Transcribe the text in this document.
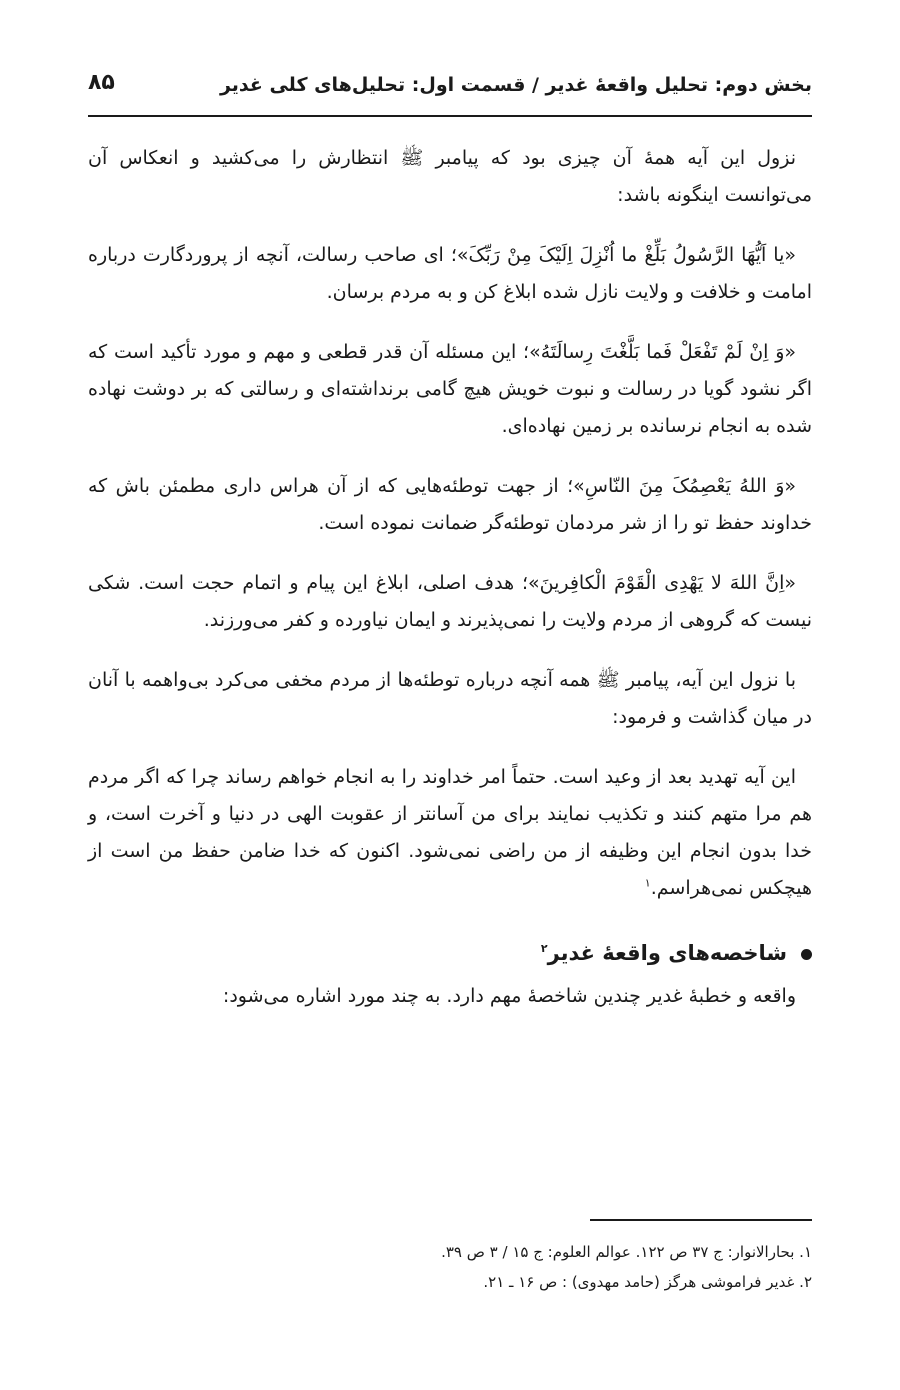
بخش دوم: تحلیل واقعهٔ غدیر / قسمت اول: تحلیل‌های کلی غدیر
۸۵

نزول این آیه همهٔ آن چیزی بود که پیامبر ﷺ انتظارش را می‌کشید و انعکاس آن می‌توانست اینگونه باشد:

«یا اَیُّهَا الرَّسُولُ بَلِّغْ ما اُنْزِلَ اِلَیْکَ مِنْ رَبِّکَ»؛ ای صاحب رسالت، آنچه از پروردگارت درباره امامت و خلافت و ولایت نازل شده ابلاغ کن و به مردم برسان.

«وَ اِنْ لَمْ تَفْعَلْ فَما بَلَّغْتَ رِسالَتَهُ»؛ این مسئله آن قدر قطعی و مهم و مورد تأکید است که اگر نشود گویا در رسالت و نبوت خویش هیچ گامی برنداشته‌ای و رسالتی که بر دوشت نهاده شده به انجام نرسانده بر زمین نهاده‌ای.

«وَ اللهُ یَعْصِمُکَ مِنَ النّاسِ»؛ از جهت توطئه‌هایی که از آن هراس داری مطمئن باش که خداوند حفظ تو را از شر مردمان توطئه‌گر ضمانت نموده است.

«اِنَّ اللهَ لا یَهْدِی الْقَوْمَ الْکافِرینَ»؛ هدف اصلی، ابلاغ این پیام و اتمام حجت است. شکی نیست که گروهی از مردم ولایت را نمی‌پذیرند و ایمان نیاورده و کفر می‌ورزند.

با نزول این آیه، پیامبر ﷺ همه آنچه درباره توطئه‌ها از مردم مخفی می‌کرد بی‌واهمه با آنان در میان گذاشت و فرمود:

این آیه تهدید بعد از وعید است. حتماً امر خداوند را به انجام خواهم رساند چرا که اگر مردم هم مرا متهم کنند و تکذیب نمایند برای من آسانتر از عقوبت الهی در دنیا و آخرت است، و خدا بدون انجام این وظیفه از من راضی نمی‌شود. اکنون که خدا ضامن حفظ من است از هیچکس نمی‌هراسم.$^۱$

شاخصه‌های واقعهٔ غدیر$^۲$

واقعه و خطبهٔ غدیر چندین شاخصهٔ مهم دارد. به چند مورد اشاره می‌شود:

۱. بحارالانوار: ج ۳۷ ص ۱۲۲. عوالم العلوم: ج ۱۵ / ۳ ص ۳۹.
۲. غدیر فراموشی هرگز (حامد مهدوی) : ص ۱۶ ـ ۲۱.
